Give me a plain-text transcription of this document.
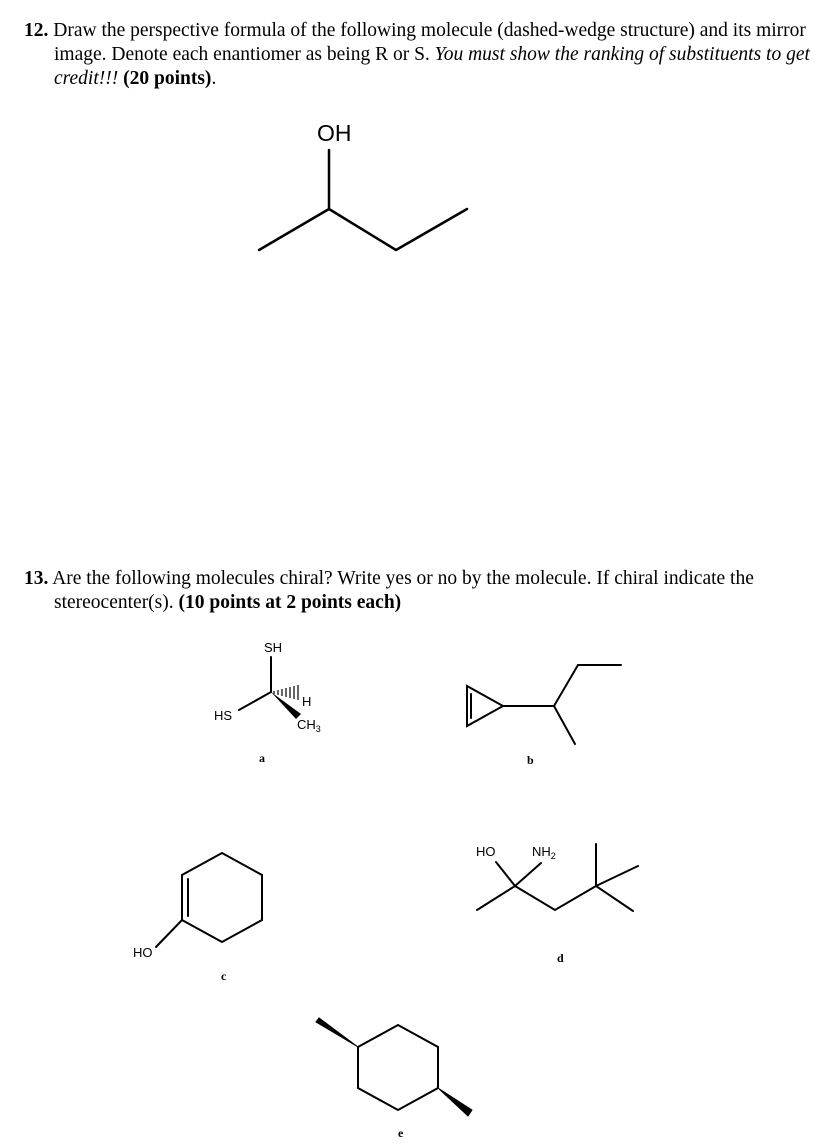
12. Draw the perspective formula of the following molecule (dashed-wedge structure) and its mirror image. Denote each enantiomer as being R or S. You must show the ranking of substituents to get credit!!! (20 points).

OH

13. Are the following molecules chiral? Write yes or no by the molecule. If chiral indicate the stereocenter(s). (10 points at 2 points each)

SH
HS
H
$CH_3$
a	b
HO
c
HO	$NH_2$
d
e
